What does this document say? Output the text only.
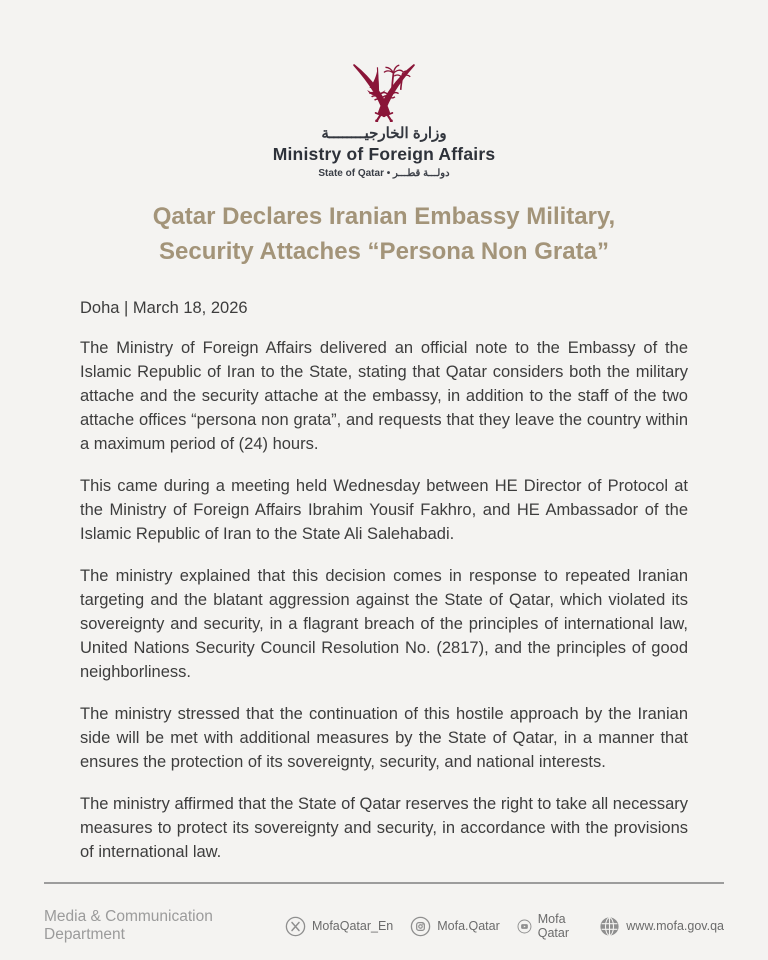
وزارة الخارجيــــــــة
Ministry of Foreign Affairs
State of Qatar • دولـــة قطـــر
Qatar Declares Iranian Embassy Military,
Security Attaches “Persona Non Grata”

Doha | March 18, 2026

The Ministry of Foreign Affairs delivered an official note to the Embassy of the Islamic Republic of Iran to the State, stating that Qatar considers both the military attache and the security attache at the embassy, in addition to the staff of the two attache offices “persona non grata”, and requests that they leave the country within a maximum period of (24) hours.

This came during a meeting held Wednesday between HE Director of Protocol at the Ministry of Foreign Affairs Ibrahim Yousif Fakhro, and HE Ambassador of the Islamic Republic of Iran to the State Ali Salehabadi.

The ministry explained that this decision comes in response to repeated Iranian targeting and the blatant aggression against the State of Qatar, which violated its sovereignty and security, in a flagrant breach of the principles of international law, United Nations Security Council Resolution No. (2817), and the principles of good neighborliness.

The ministry stressed that the continuation of this hostile approach by the Iranian side will be met with additional measures by the State of Qatar, in a manner that ensures the protection of its sovereignty, security, and national interests.

The ministry affirmed that the State of Qatar reserves the right to take all necessary measures to protect its sovereignty and security, in accordance with the provisions of international law.

Media & Communication Department	MofaQatar_En	Mofa.Qatar	Mofa Qatar	www.mofa.gov.qa
